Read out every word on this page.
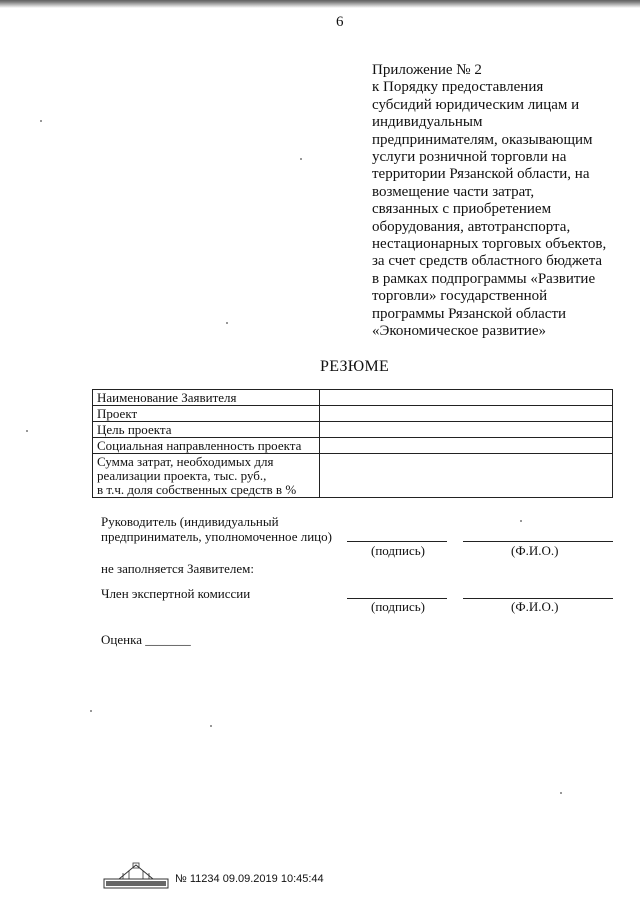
6
Приложение № 2
к Порядку предоставления
субсидий юридическим лицам и
индивидуальным
предпринимателям, оказывающим
услуги розничной торговли на
территории Рязанской области, на
возмещение части затрат,
связанных с приобретением
оборудования, автотранспорта,
нестационарных торговых объектов,
за счет средств областного бюджета
в рамках подпрограммы «Развитие
торговли» государственной
программы Рязанской области
«Экономическое развитие»
РЕЗЮМЕ
Наименование Заявителя	
Проект	
Цель проекта	
Социальная направленность проекта	

Сумма затрат, необходимых для
реализации проекта, тыс. руб.,
в т.ч. доля собственных средств в %	

Руководитель (индивидуальный
предприниматель, уполномоченное лицо)
(подпись)	(Ф.И.О.)
не заполняется Заявителем:
Член экспертной комиссии
(подпись)	(Ф.И.О.)
Оценка _______
№ 11234 09.09.2019 10:45:44
